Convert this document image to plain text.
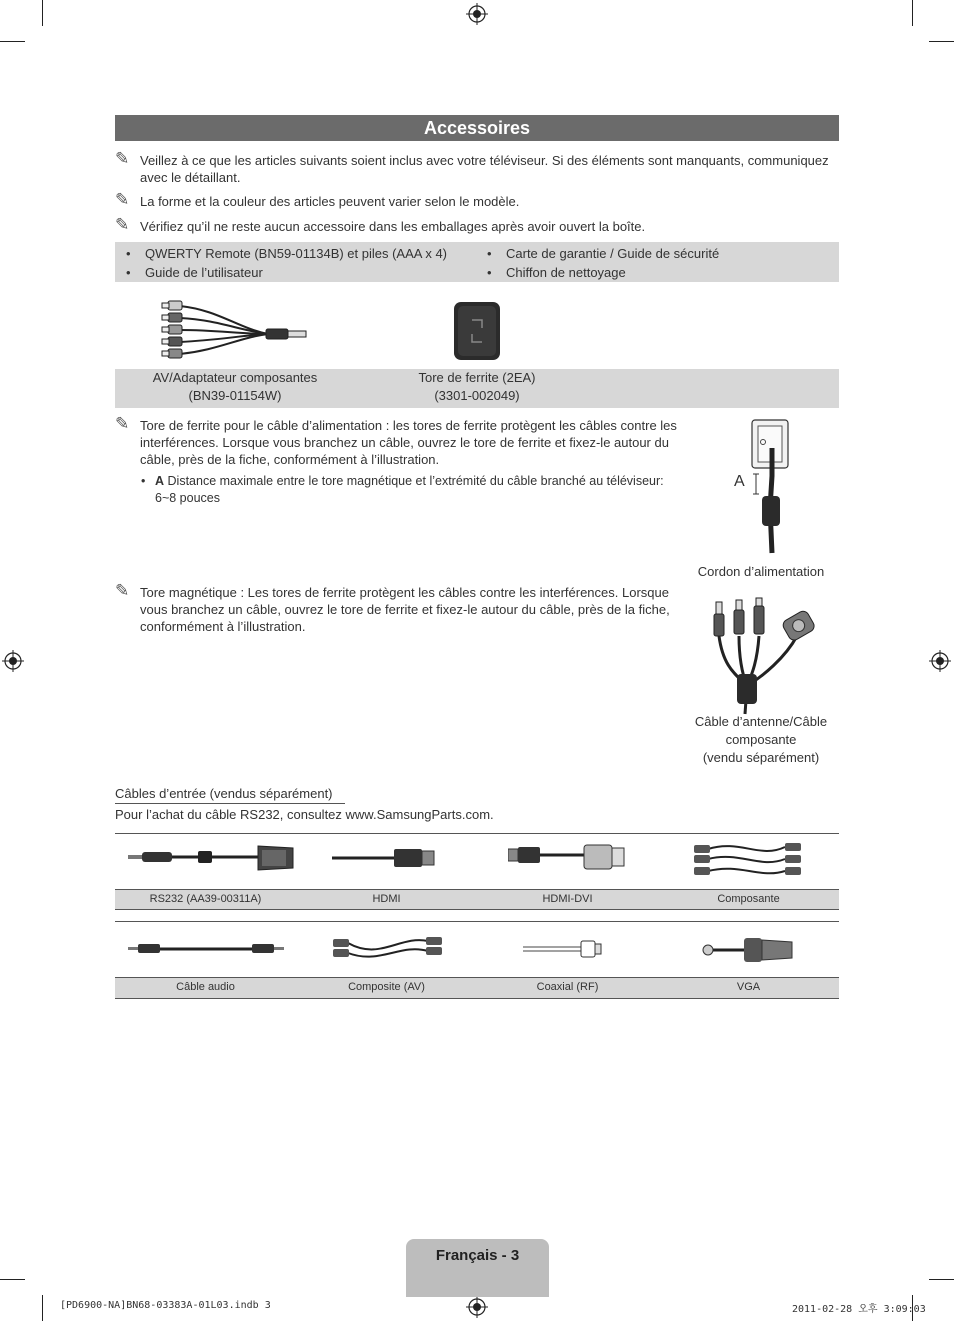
Accessoires
✎ Veillez à ce que les articles suivants soient inclus avec votre téléviseur. Si des éléments sont manquants, communiquez avec le détaillant.
✎ La forme et la couleur des articles peuvent varier selon le modèle.
✎ Vérifiez qu’il ne reste aucun accessoire dans les emballages après avoir ouvert la boîte.
• QWERTY Remote (BN59-01134B) et piles (AAA x 4)
• Guide de l’utilisateur
• Carte de garantie / Guide de sécurité
• Chiffon de nettoyage
AV/Adaptateur composantes
(BN39-01154W)
Tore de ferrite (2EA)
(3301-002049)
✎ Tore de ferrite pour le câble d’alimentation : les tores de ferrite protègent les câbles contre les interférences. Lorsque vous branchez un câble, ouvrez le tore de ferrite et fixez-le autour du câble, près de la fiche, conformément à l’illustration.
• A Distance maximale entre le tore magnétique et l’extrémité du câble branché au téléviseur: 6~8 pouces
A
Cordon d’alimentation
✎ Tore magnétique : Les tores de ferrite protègent les câbles contre les interférences. Lorsque vous branchez un câble, ouvrez le tore de ferrite et fixez-le autour du câble, près de la fiche, conformément à l’illustration.
Câble d’antenne/Câble
composante
(vendu séparément)
Câbles d’entrée (vendus séparément)
Pour l’achat du câble RS232, consultez www.SamsungParts.com.
RS232 (AA39-00311A)	HDMI	HDMI-DVI	Composante
Câble audio	Composite (AV)	Coaxial (RF)	VGA
Français - 3
[PD6900-NA]BN68-03383A-01L03.indb 3	2011-02-28 오후 3:09:03
